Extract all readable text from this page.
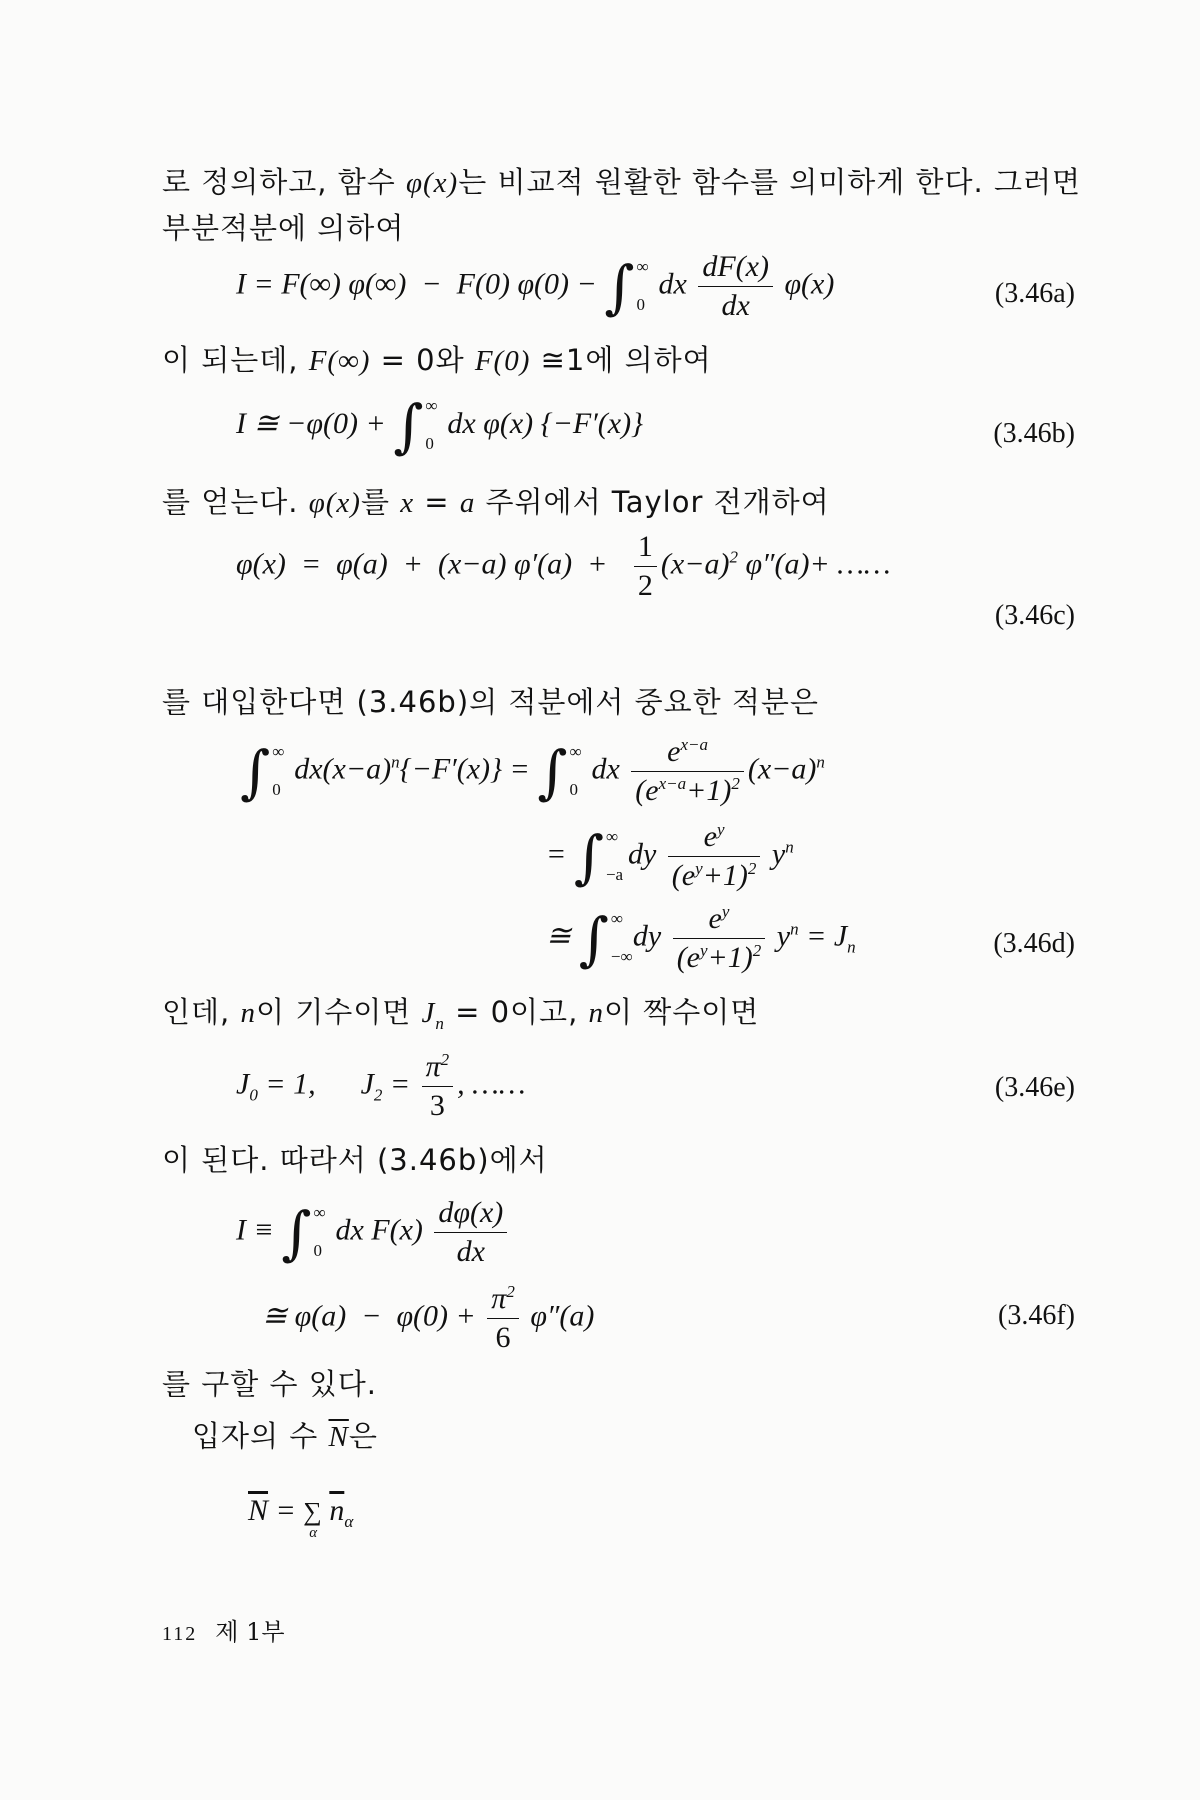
로 정의하고, 함수 φ(x)는 비교적 원활한 함수를 의미하게 한다. 그러면
부분적분에 의하여
I = F(∞) φ(∞)  −  F(0) φ(0) − ∫ ∞
0
dx $\frac{dF(x)}{dx} \varphi(x)$	(3.46a)
이 되는데, F(∞) = 0와 F(0) ≅1에 의하여
I ≅ −φ(0) + ∫ ∞
0
dx φ(x) {−F′(x)}	(3.46b)
를 얻는다. φ(x)를 x = a 주위에서 Taylor 전개하여
φ(x)  =  φ(a)  +  (x−a) $\varphi'(a) + \frac{1}{2} (x-a)^2$ φ″(a)+ ……
(3.46c)
를 대입한다면 (3.46b)의 적분에서 중요한 적분은
∫ ∞
0
$dx(x-a)^n\{-F'(x)\}$ = ∫ ∞
0
dx $\frac{e^{x-a}}{(e^{x-a}+1)^2} (x-a)^n$
= ∫ ∞
−a
dy $\frac{e^y}{(e^y+1)^2} y^n$
≅ ∫ ∞
−∞
dy $\frac{e^y}{(e^y+1)^2} y^n = J_n$	(3.46d)
인데, n이 기수이면 $J_n = 0$이고, n이 짝수이면
$J_0 = 1$,      $J_2 = \frac{\pi^2}{3}$ , ……	(3.46e)
이 된다. 따라서 (3.46b)에서
I ≡ ∫ ∞
0
dx $F(x) \frac{d\varphi(x)}{dx}$
≅ $\varphi(a) - \varphi(0) + \frac{\pi^2}{6} \varphi''(a)$	(3.46f)
를 구할 수 있다.
입자의 수 $\overline{N}$은
$\overline{N}$ = ∑
α
$\overline{n}_\alpha$
112 제 1부
